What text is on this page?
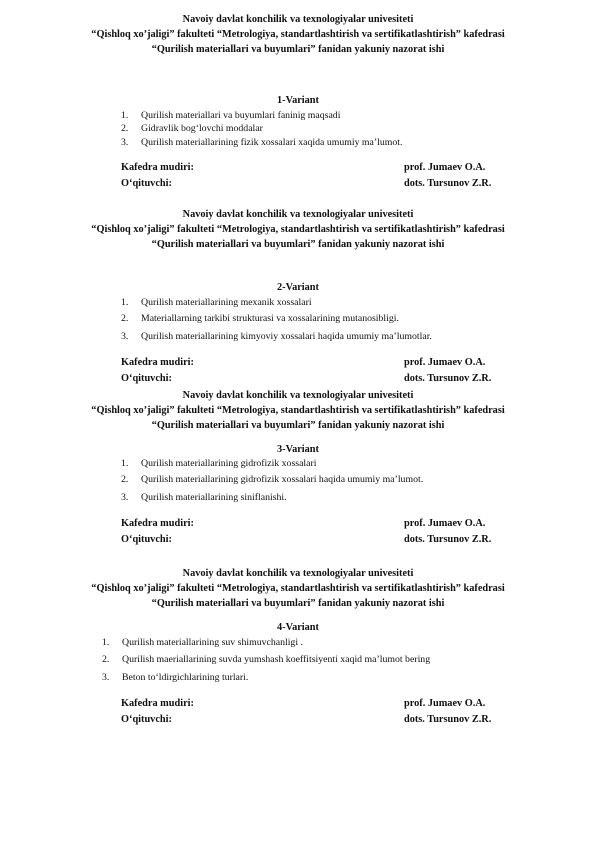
Navoiy davlat konchilik va texnologiyalar univesiteti

“Qishloq xo’jaligi” fakulteti “Metrologiya, standartlashtirish va sertifikatlashtirish” kafedrasi

“Qurilish materiallari va buyumlari” fanidan yakuniy nazorat ishi

1-Variant
1. Qurilish materiallari va buyumlari faninig maqsadi
2. Gidravlik bog‘lovchi moddalar
3. Qurilish materiallarining fizik xossalari xaqida umumiy ma’lumot.
Kafedra mudiri:	prof. Jumaev O.A.
O‘qituvchi:	dots. Tursunov Z.R.

Navoiy davlat konchilik va texnologiyalar univesiteti

“Qishloq xo’jaligi” fakulteti “Metrologiya, standartlashtirish va sertifikatlashtirish” kafedrasi

“Qurilish materiallari va buyumlari” fanidan yakuniy nazorat ishi

2-Variant
1. Qurilish materiallarining mexanik xossalari
2. Materiallarning tarkibi strukturasi va xossalarining mutanosibligi.
3. Qurilish materiallarining kimyoviy xossalari haqida umumiy ma’lumotlar.
Kafedra mudiri:	prof. Jumaev O.A.
O‘qituvchi:	dots. Tursunov Z.R.

Navoiy davlat konchilik va texnologiyalar univesiteti

“Qishloq xo’jaligi” fakulteti “Metrologiya, standartlashtirish va sertifikatlashtirish” kafedrasi

“Qurilish materiallari va buyumlari” fanidan yakuniy nazorat ishi

3-Variant
1. Qurilish materiallarining gidrofizik xossalari
2. Qurilish materiallarining gidrofizik xossalari haqida umumiy ma’lumot.
3. Qurilish materiallarining siniflanishi.
Kafedra mudiri:	prof. Jumaev O.A.
O‘qituvchi:	dots. Tursunov Z.R.

Navoiy davlat konchilik va texnologiyalar univesiteti

“Qishloq xo’jaligi” fakulteti “Metrologiya, standartlashtirish va sertifikatlashtirish” kafedrasi

“Qurilish materiallari va buyumlari” fanidan yakuniy nazorat ishi

4-Variant
1. Qurilish materiallarining suv shimuvchanligi .
2. Qurilish maeriallarining suvda yumshash koeffitsiyenti xaqid ma’lumot bering
3. Beton to‘ldirgichlarining turlari.
Kafedra mudiri:	prof. Jumaev O.A.
O‘qituvchi:	dots. Tursunov Z.R.
